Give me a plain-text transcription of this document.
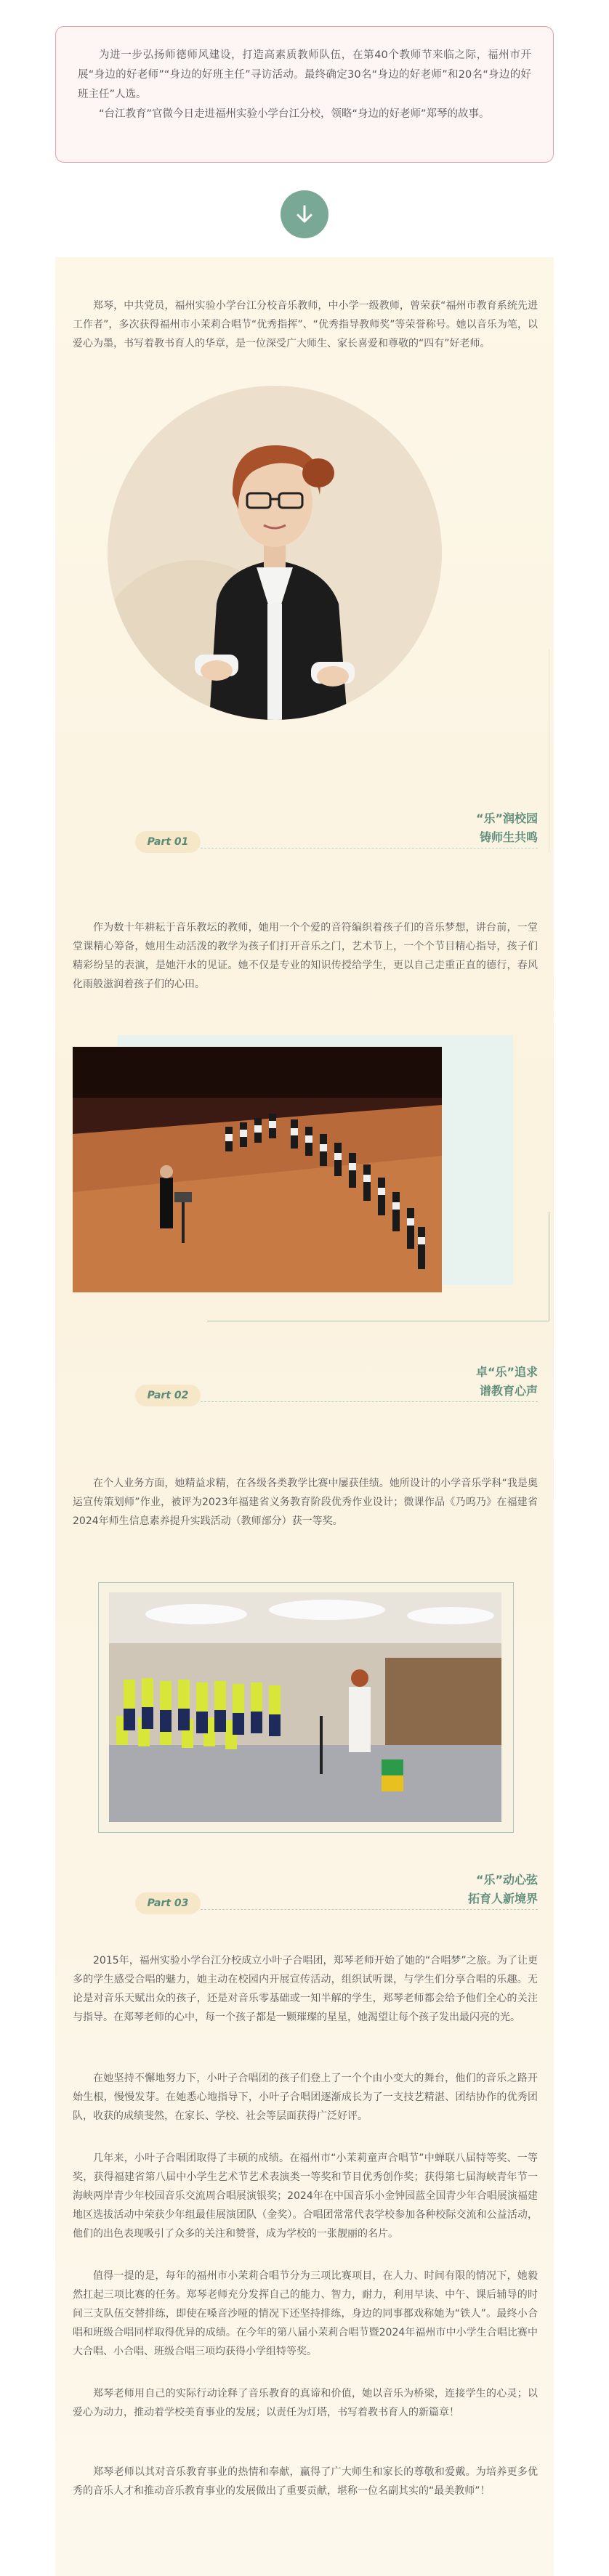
为进一步弘扬师德师风建设，打造高素质教师队伍，在第40个教师节来临之际，福州市开展“身边的好老师”“身边的好班主任”寻访活动。最终确定30名“身边的好老师”和20名“身边的好班主任”人选。

“台江教育”官微今日走进福州实验小学台江分校，领略“身边的好老师”郑琴的故事。

郑琴，中共党员，福州实验小学台江分校音乐教师，中小学一级教师，曾荣获“福州市教育系统先进工作者”，多次获得福州市小茉莉合唱节“优秀指挥”、“优秀指导教师奖”等荣誉称号。她以音乐为笔，以爱心为墨，书写着教书育人的华章，是一位深受广大师生、家长喜爱和尊敬的“四有”好老师。

“乐”润校园
铸师生共鸣
Part 01

作为数十年耕耘于音乐教坛的教师，她用一个个爱的音符编织着孩子们的音乐梦想，讲台前，一堂堂课精心筹备，她用生动活泼的教学为孩子们打开音乐之门，艺术节上，一个个节目精心指导，孩子们精彩纷呈的表演，是她汗水的见证。她不仅是专业的知识传授给学生，更以自己走重正直的德行，春风化雨般滋润着孩子们的心田。

卓“乐”追求
谱教育心声
Part 02

在个人业务方面，她精益求精，在各级各类教学比赛中屡获佳绩。她所设计的小学音乐学科“我是奥运宣传策划师”作业，被评为2023年福建省义务教育阶段优秀作业设计；微课作品《乃呜乃》在福建省2024年师生信息素养提升实践活动（教师部分）获一等奖。

“乐”动心弦
拓育人新境界
Part 03

2015年，福州实验小学台江分校成立小叶子合唱团，郑琴老师开始了她的“合唱梦”之旅。为了让更多的学生感受合唱的魅力，她主动在校园内开展宣传活动，组织试听课，与学生们分享合唱的乐趣。无论是对音乐天赋出众的孩子，还是对音乐零基础或一知半解的学生，郑琴老师都会给予他们全心的关注与指导。在郑琴老师的心中，每一个孩子都是一颗璀璨的星星，她渴望让每个孩子发出最闪亮的光。

在她坚持不懈地努力下，小叶子合唱团的孩子们登上了一个个由小变大的舞台，他们的音乐之路开始生根，慢慢发芽。在她悉心地指导下，小叶子合唱团逐渐成长为了一支技艺精湛、团结协作的优秀团队，收获的成绩斐然，在家长、学校、社会等层面获得广泛好评。

几年来，小叶子合唱团取得了丰硕的成绩。在福州市“小茉莉童声合唱节”中蝉联八届特等奖、一等奖，获得福建省第八届中小学生艺术节艺术表演类一等奖和节目优秀创作奖；获得第七届海峡青年节一海峡两岸青少年校园音乐交流周合唱展演银奖；2024年在中国音乐小金钟园蓝全国青少年合唱展演福建地区选拔活动中荣获少年组最佳展演团队（金奖）。合唱团常常代表学校参加各种校际交流和公益活动，他们的出色表现吸引了众多的关注和赞誉，成为学校的一张靓丽的名片。

值得一提的是，每年的福州市小茉莉合唱节分为三项比赛项目，在人力、时间有限的情况下，她毅然扛起三项比赛的任务。郑琴老师充分发挥自己的能力、智力，耐力，利用早读、中午、课后辅导的时间三支队伍交替排练，即使在嗓音沙哑的情况下还坚持排练，身边的同事都戏称她为“铁人”。最终小合唱和班级合唱同样取得优异的成绩。在今年的第八届小茉莉合唱节暨2024年福州市中小学生合唱比赛中大合唱、小合唱、班级合唱三项均获得小学组特等奖。

郑琴老师用自己的实际行动诠释了音乐教育的真谛和价值，她以音乐为桥梁，连接学生的心灵；以爱心为动力，推动着学校美育事业的发展；以责任为灯塔，书写着教书育人的新篇章！

郑琴老师以其对音乐教育事业的热情和奉献，赢得了广大师生和家长的尊敬和爱戴。为培养更多优秀的音乐人才和推动音乐教育事业的发展做出了重要贡献，堪称一位名副其实的“最美教师”！
